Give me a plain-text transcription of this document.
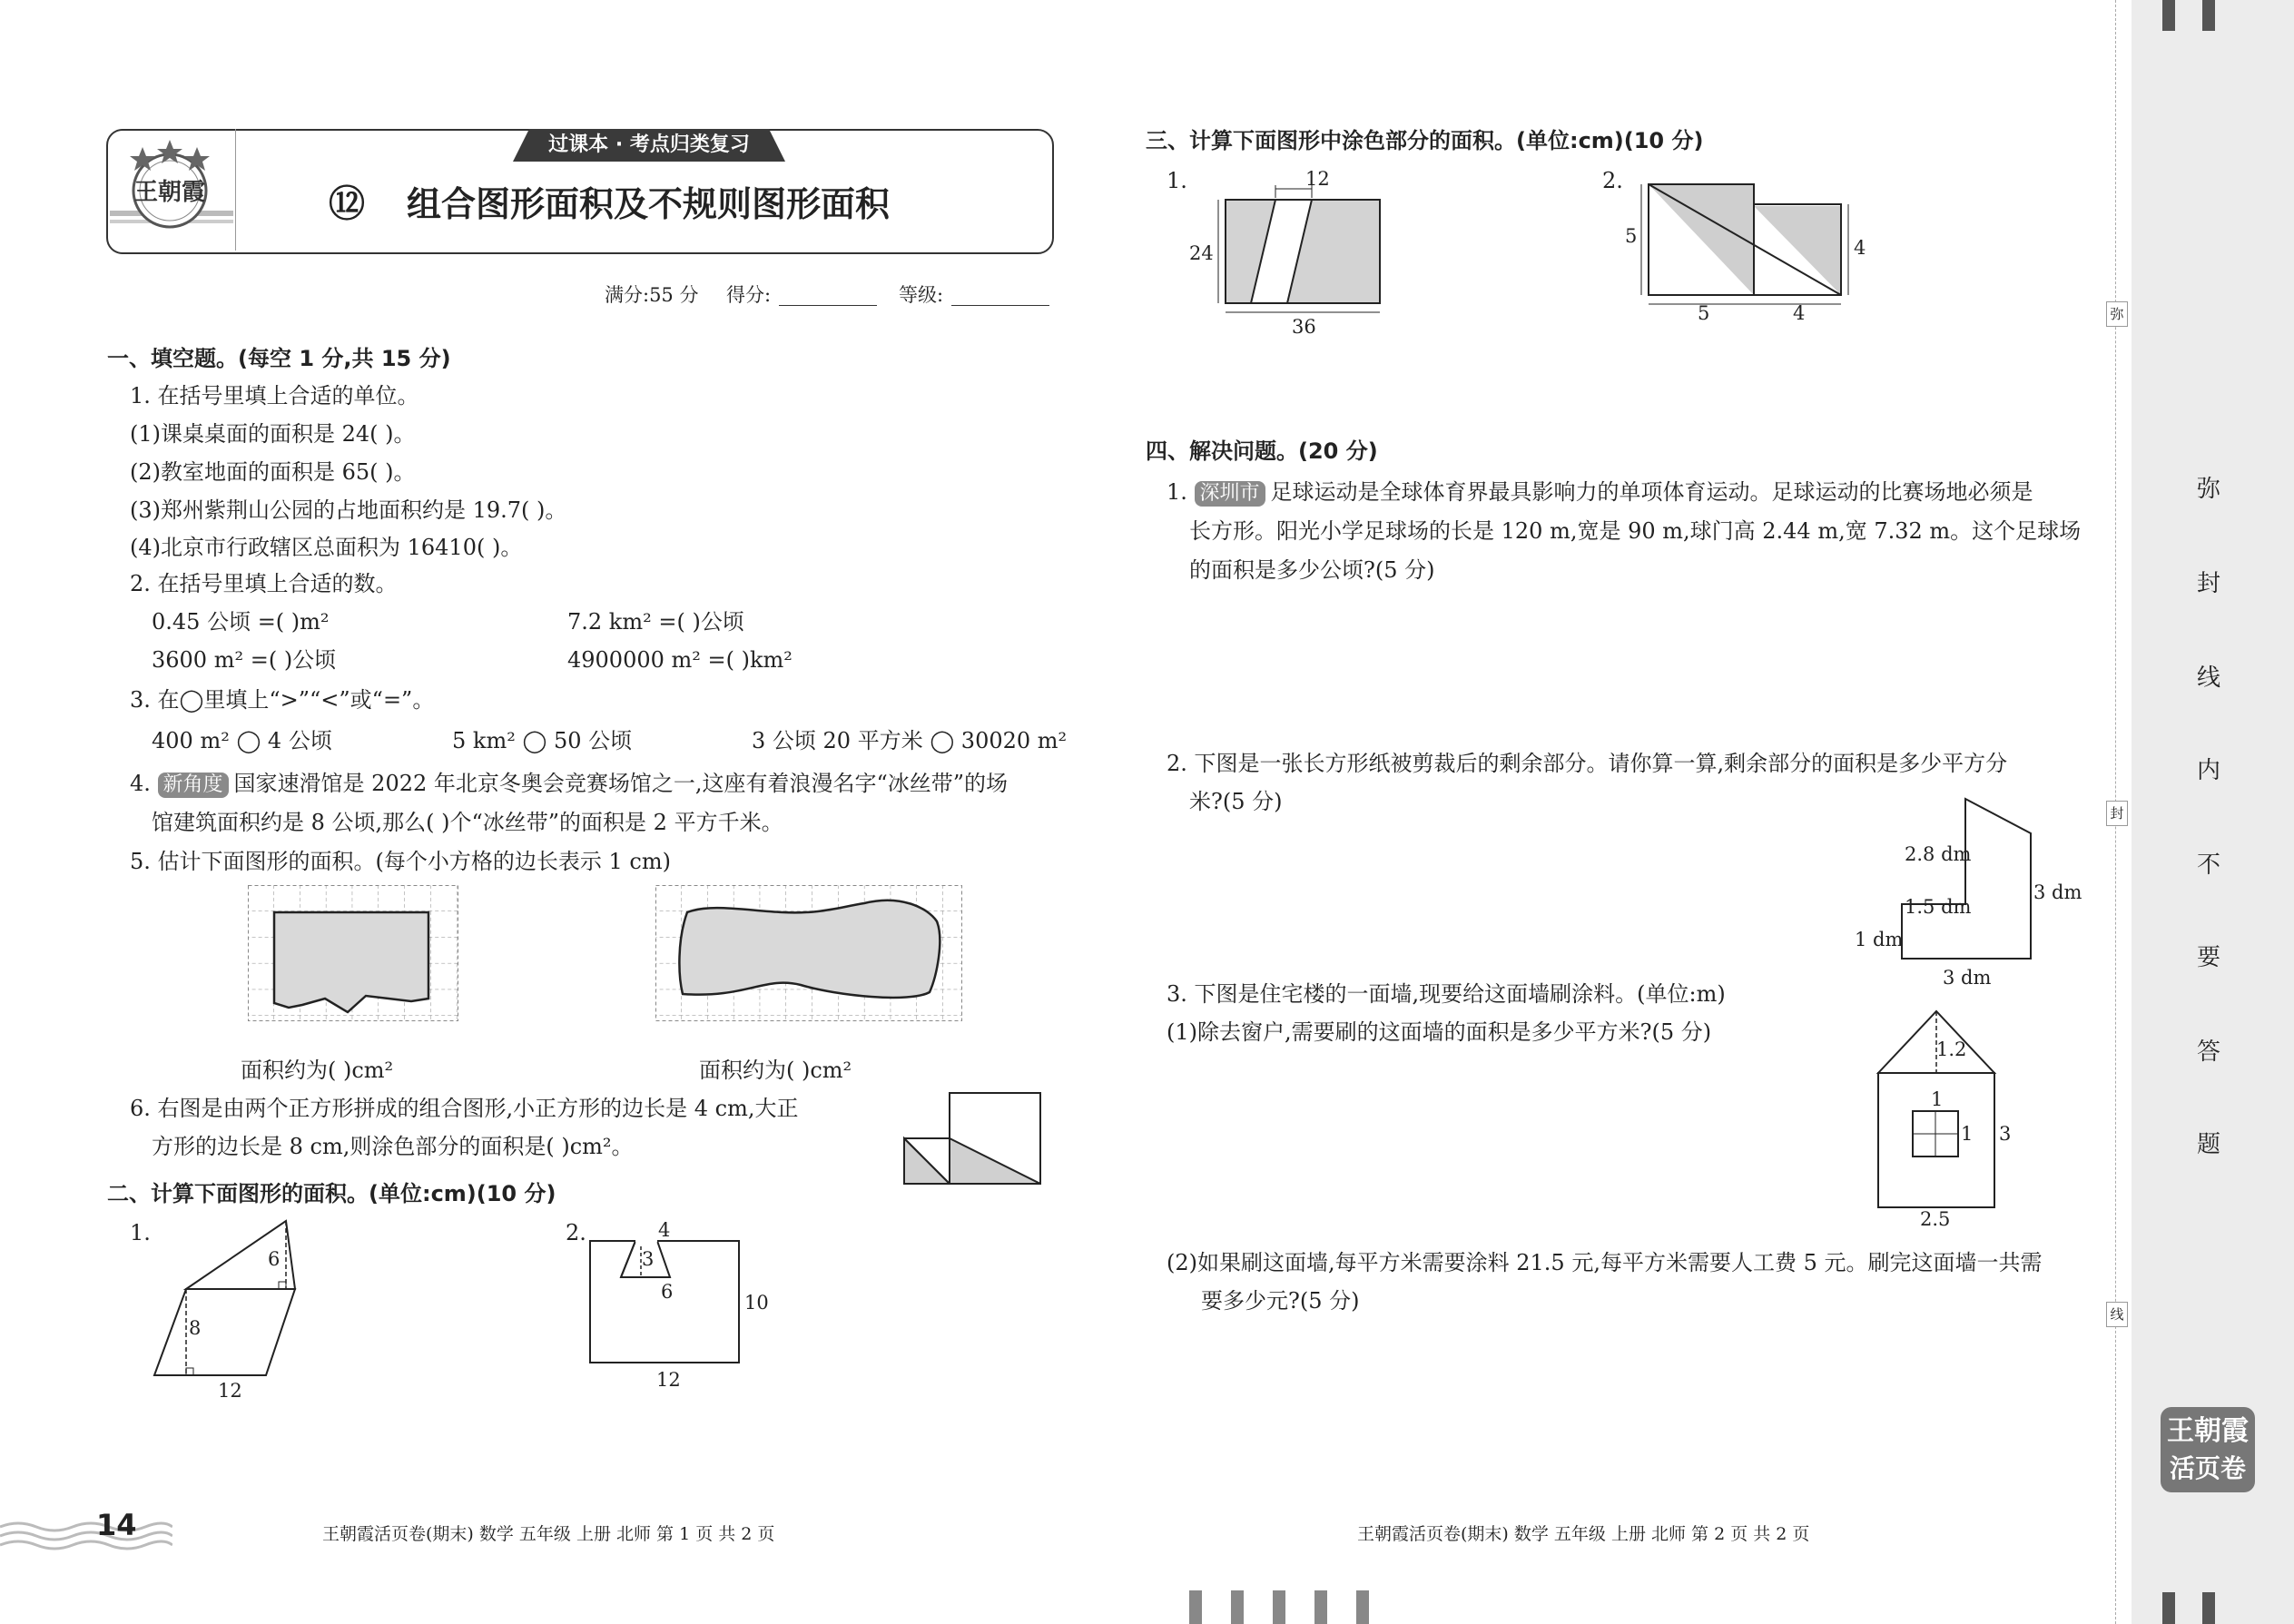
王朝霞
过课本 · 考点归类复习
⑫ 组合图形面积及不规则图形面积
满分:55 分 得分:	等级:
一、填空题。(每空 1 分,共 15 分)
1. 在括号里填上合适的单位。
(1)课桌桌面的面积是 24( )。
(2)教室地面的面积是 65( )。
(3)郑州紫荆山公园的占地面积约是 19.7( )。
(4)北京市行政辖区总面积为 16410( )。
2. 在括号里填上合适的数。
0.45 公顷 =( )m²	7.2 km² =( )公顷
3600 m² =( )公顷	4900000 m² =( )km²
3. 在◯里填上“>”“<”或“=”。
400 m² ◯ 4 公顷	5 km² ◯ 50 公顷	3 公顷 20 平方米 ◯ 30020 m²
4. 新角度 国家速滑馆是 2022 年北京冬奥会竞赛场馆之一,这座有着浪漫名字“冰丝带”的场
馆建筑面积约是 8 公顷,那么( )个“冰丝带”的面积是 2 平方千米。
5. 估计下面图形的面积。(每个小方格的边长表示 1 cm)
面积约为( )cm²	面积约为( )cm²
6. 右图是由两个正方形拼成的组合图形,小正方形的边长是 4 cm,大正
方形的边长是 8 cm,则涂色部分的面积是( )cm²。
二、计算下面图形的面积。(单位:cm)(10 分)
1.
6
8
12
2.	4
3
6	10
12
三、计算下面图形中涂色部分的面积。(单位:cm)(10 分)
1.	12
24
36
2.
5
4
5	4
四、解决问题。(20 分)
1. 深圳市 足球运动是全球体育界最具影响力的单项体育运动。足球运动的比赛场地必须是
长方形。阳光小学足球场的长是 120 m,宽是 90 m,球门高 2.44 m,宽 7.32 m。这个足球场
的面积是多少公顷?(5 分)
2. 下图是一张长方形纸被剪裁后的剩余部分。请你算一算,剩余部分的面积是多少平方分
米?(5 分)
2.8 dm
1.5 dm
1 dm
3 dm
3 dm
3. 下图是住宅楼的一面墙,现要给这面墙刷涂料。(单位:m)
(1)除去窗户,需要刷的这面墙的面积是多少平方米?(5 分)
1.2
1
1 3
2.5
(2)如果刷这面墙,每平方米需要涂料 21.5 元,每平方米需要人工费 5 元。刷完这面墙一共需
要多少元?(5 分)
14	王朝霞活页卷(期末) 数学 五年级 上册 北师 第 1 页 共 2 页	王朝霞活页卷(期末) 数学 五年级 上册 北师 第 2 页 共 2 页
弥
封
线
弥
封
线
内
不
要
答
题
王朝霞
活页卷
